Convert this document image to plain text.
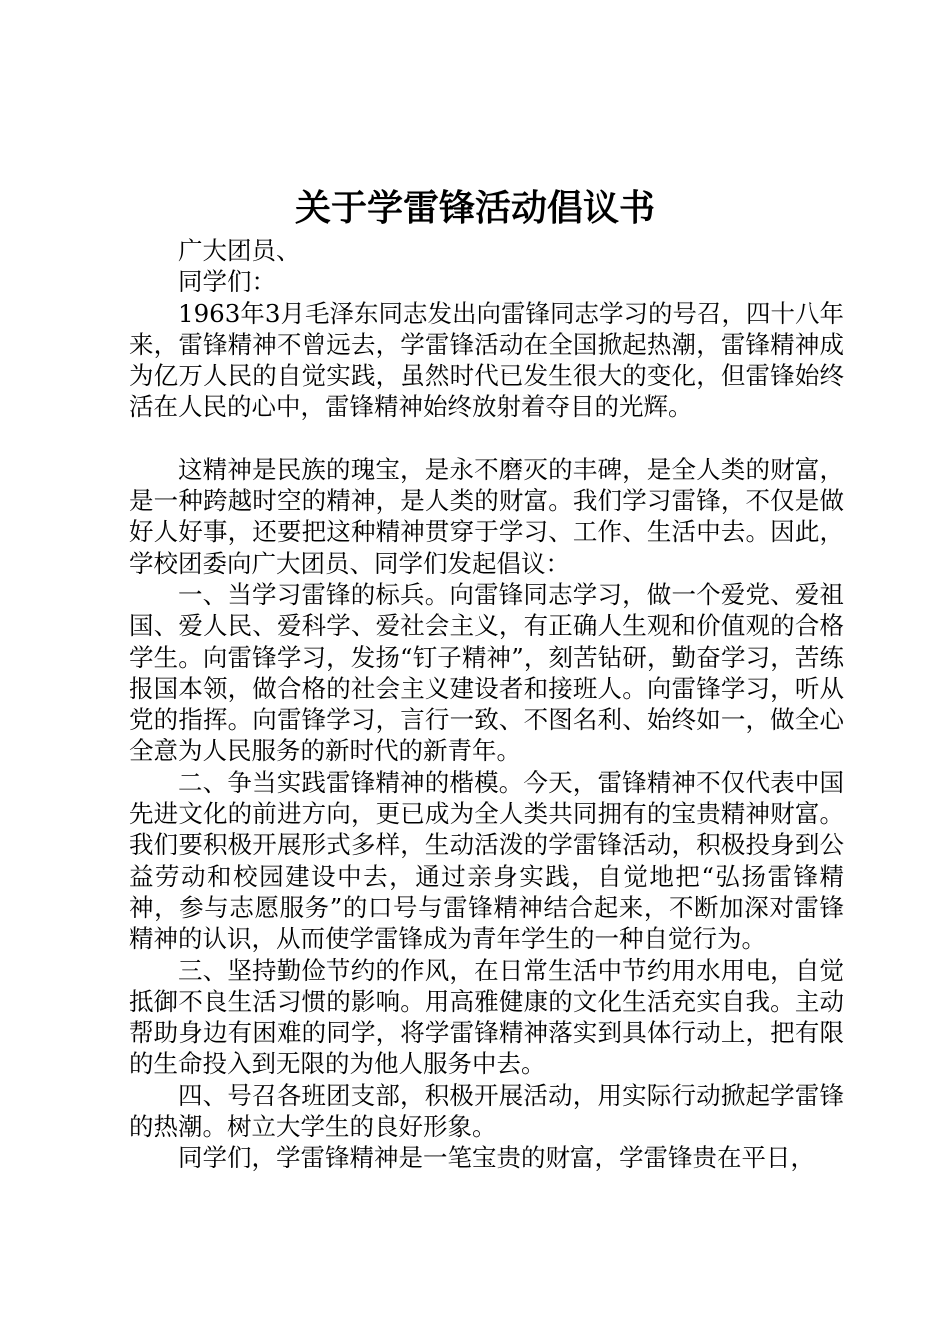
关于学雷锋活动倡议书

广大团员、

同学们：

1963年3月毛泽东同志发出向雷锋同志学习的号召，四十八年来，雷锋精神不曾远去，学雷锋活动在全国掀起热潮，雷锋精神成为亿万人民的自觉实践，虽然时代已发生很大的变化，但雷锋始终活在人民的心中，雷锋精神始终放射着夺目的光辉。

这精神是民族的瑰宝，是永不磨灭的丰碑，是全人类的财富，是一种跨越时空的精神，是人类的财富。我们学习雷锋，不仅是做好人好事，还要把这种精神贯穿于学习、工作、生活中去。因此，学校团委向广大团员、同学们发起倡议：

一、当学习雷锋的标兵。向雷锋同志学习，做一个爱党、爱祖国、爱人民、爱科学、爱社会主义，有正确人生观和价值观的合格学生。向雷锋学习，发扬“钉子精神”，刻苦钻研，勤奋学习，苦练报国本领，做合格的社会主义建设者和接班人。向雷锋学习，听从党的指挥。向雷锋学习，言行一致、不图名利、始终如一，做全心全意为人民服务的新时代的新青年。

二、争当实践雷锋精神的楷模。今天，雷锋精神不仅代表中国先进文化的前进方向，更已成为全人类共同拥有的宝贵精神财富。我们要积极开展形式多样，生动活泼的学雷锋活动，积极投身到公益劳动和校园建设中去，通过亲身实践，自觉地把“弘扬雷锋精神，参与志愿服务”的口号与雷锋精神结合起来，不断加深对雷锋精神的认识，从而使学雷锋成为青年学生的一种自觉行为。

三、坚持勤俭节约的作风，在日常生活中节约用水用电，自觉抵御不良生活习惯的影响。用高雅健康的文化生活充实自我。主动帮助身边有困难的同学，将学雷锋精神落实到具体行动上，把有限的生命投入到无限的为他人服务中去。

四、号召各班团支部，积极开展活动，用实际行动掀起学雷锋的热潮。树立大学生的良好形象。

同学们，学雷锋精神是一笔宝贵的财富，学雷锋贵在平日，
